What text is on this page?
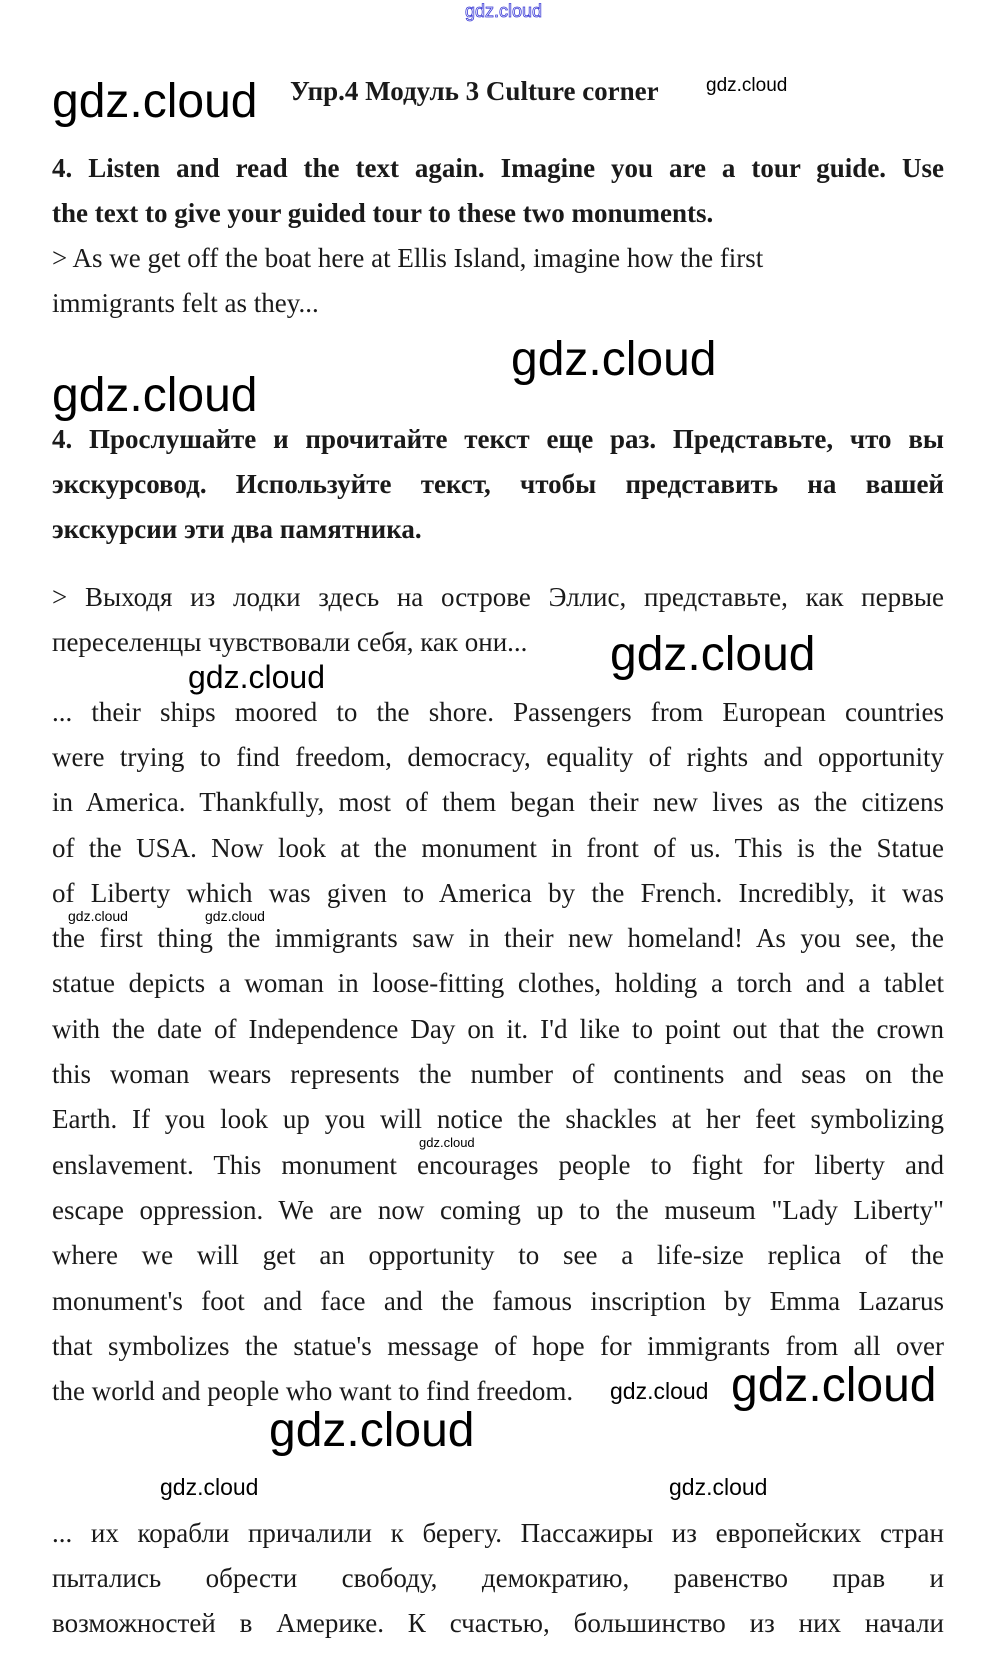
gdz.cloud
gdz.cloud	gdz.cloud
gdz.cloud
gdz.cloud
gdz.cloud
gdz.cloud
gdz.cloud	gdz.cloud
gdz.cloud
gdz.cloud
gdz.cloud
gdz.cloud
gdz.cloud	gdz.cloud
Упр.4 Модуль 3 Culture corner
4. Listen and read the text again. Imagine you are a tour guide. Use
the text to give your guided tour to these two monuments.
> As we get off the boat here at Ellis Island, imagine how the first
immigrants felt as they...
4. Прослушайте и прочитайте текст еще раз. Представьте, что вы
экскурсовод. Используйте текст, чтобы представить на вашей
экскурсии эти два памятника.
> Выходя из лодки здесь на острове Эллис, представьте, как первые
переселенцы чувствовали себя, как они...
... their ships moored to the shore. Passengers from European countries
were trying to find freedom, democracy, equality of rights and opportunity
in America. Thankfully, most of them began their new lives as the citizens
of the USA. Now look at the monument in front of us. This is the Statue
of Liberty which was given to America by the French. Incredibly, it was
the first thing the immigrants saw in their new homeland! As you see, the
statue depicts a woman in loose-fitting clothes, holding a torch and a tablet
with the date of Independence Day on it. I'd like to point out that the crown
this woman wears represents the number of continents and seas on the
Earth. If you look up you will notice the shackles at her feet symbolizing
enslavement. This monument encourages people to fight for liberty and
escape oppression. We are now coming up to the museum "Lady Liberty"
where we will get an opportunity to see a life-size replica of the
monument's foot and face and the famous inscription by Emma Lazarus
that symbolizes the statue's message of hope for immigrants from all over
the world and people who want to find freedom.
... их корабли причалили к берегу. Пассажиры из европейских стран
пытались обрести свободу, демократию, равенство прав и
возможностей в Америке. К счастью, большинство из них начали
